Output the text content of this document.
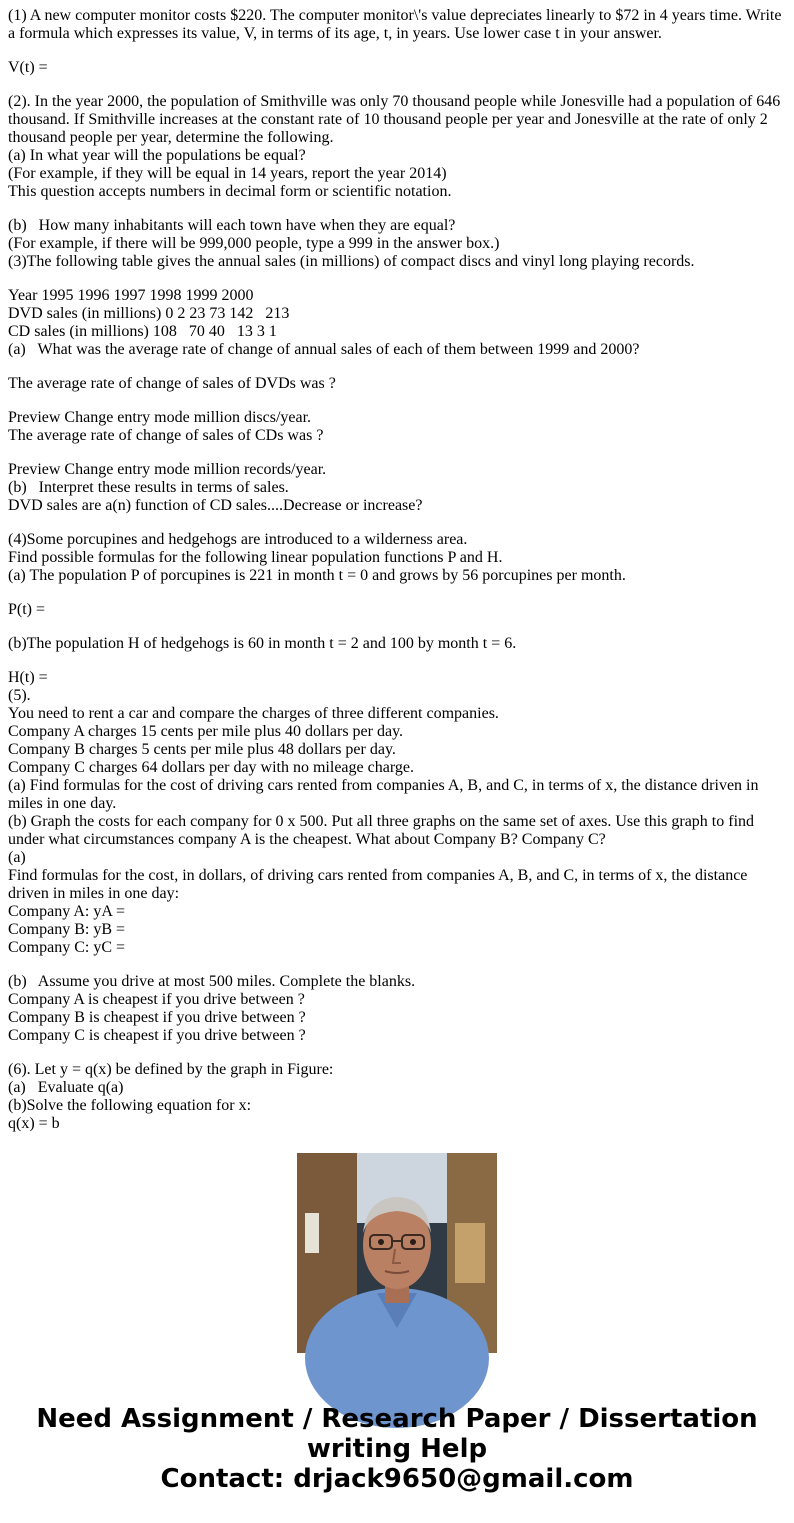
(1) A new computer monitor costs $220. The computer monitor\'s value depreciates linearly to $72 in 4 years time. Write a formula which expresses its value, V, in terms of its age, t, in years. Use lower case t in your answer.
V(t) =
(2). In the year 2000, the population of Smithville was only 70 thousand people while Jonesville had a population of 646 thousand. If Smithville increases at the constant rate of 10 thousand people per year and Jonesville at the rate of only 2 thousand people per year, determine the following.
(a) In what year will the populations be equal?
(For example, if they will be equal in 14 years, report the year 2014)
This question accepts numbers in decimal form or scientific notation.
(b)   How many inhabitants will each town have when they are equal?
(For example, if there will be 999,000 people, type a 999 in the answer box.)
(3)The following table gives the annual sales (in millions) of compact discs and vinyl long playing records.
Year 1995 1996 1997 1998 1999 2000
DVD sales (in millions) 0 2 23 73 142   213
CD sales (in millions) 108   70 40   13 3 1
(a)   What was the average rate of change of annual sales of each of them between 1999 and 2000?
The average rate of change of sales of DVDs was ?
Preview Change entry mode million discs/year.
The average rate of change of sales of CDs was ?
Preview Change entry mode million records/year.
(b)   Interpret these results in terms of sales.
DVD sales are a(n) function of CD sales....Decrease or increase?
(4)Some porcupines and hedgehogs are introduced to a wilderness area.
Find possible formulas for the following linear population functions P and H.
(a) The population P of porcupines is 221 in month t = 0 and grows by 56 porcupines per month.
P(t) =
(b)The population H of hedgehogs is 60 in month t = 2 and 100 by month t = 6.
H(t) =
(5).
You need to rent a car and compare the charges of three different companies.
Company A charges 15 cents per mile plus 40 dollars per day.
Company B charges 5 cents per mile plus 48 dollars per day.
Company C charges 64 dollars per day with no mileage charge.
(a) Find formulas for the cost of driving cars rented from companies A, B, and C, in terms of x, the distance driven in miles in one day.
(b) Graph the costs for each company for 0 x 500. Put all three graphs on the same set of axes. Use this graph to find under what circumstances company A is the cheapest. What about Company B? Company C?
(a)
Find formulas for the cost, in dollars, of driving cars rented from companies A, B, and C, in terms of x, the distance driven in miles in one day:
Company A: yA =
Company B: yB =
Company C: yC =
(b)   Assume you drive at most 500 miles. Complete the blanks.
Company A is cheapest if you drive between ?
Company B is cheapest if you drive between ?
Company C is cheapest if you drive between ?
(6). Let y = q(x) be defined by the graph in Figure:
(a)   Evaluate q(a)
(b)Solve the following equation for x:
q(x) = b
Need Assignment / Research Paper / Dissertation
writing Help
Contact: drjack9650@gmail.com
